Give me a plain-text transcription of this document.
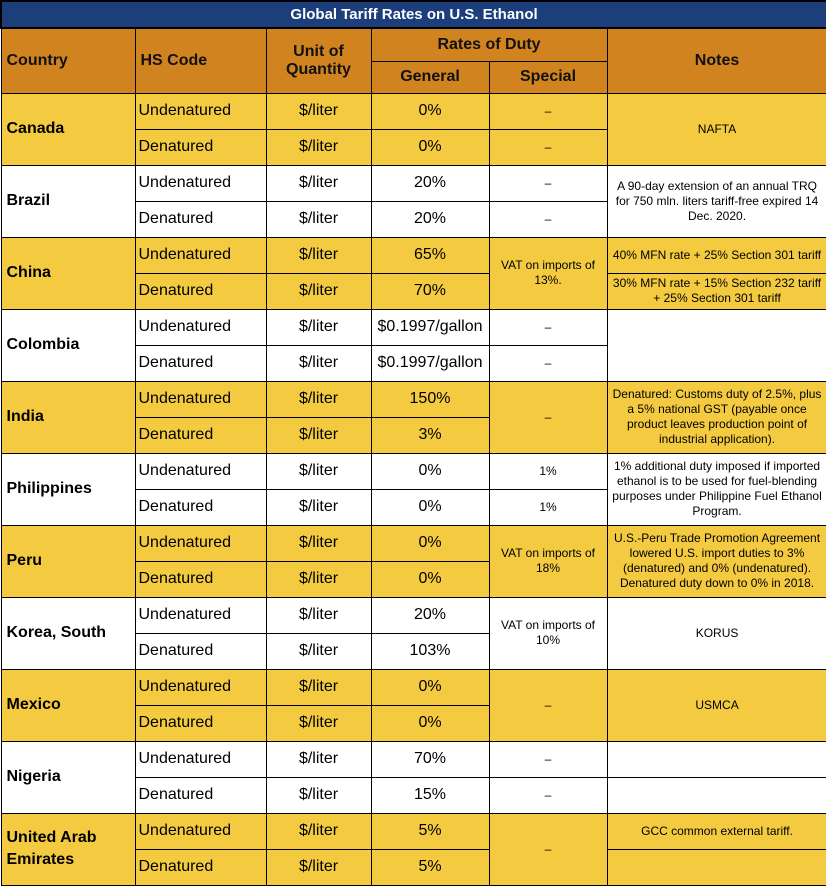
Global Tariff Rates on U.S. Ethanol					
Country	HS Code	Unit of Quantity	Rates of Duty		Notes
			General	Special	
Canada	Undenatured	$/liter	0%	–	NAFTA
	Denatured	$/liter	0%	–	
Brazil	Undenatured	$/liter	20%	–	A 90-day extension of an annual TRQ for 750 mln. liters tariff-free expired 14 Dec. 2020.
	Denatured	$/liter	20%	–	
China	Undenatured	$/liter	65%	VAT on imports of 13%.	40% MFN rate + 25% Section 301 tariff
	Denatured	$/liter	70%		30% MFN rate + 15% Section 232 tariff + 25% Section 301 tariff
Colombia	Undenatured	$/liter	$0.1997/gallon	–	
	Denatured	$/liter	$0.1997/gallon	–	
India	Undenatured	$/liter	150%	–	Denatured: Customs duty of 2.5%, plus a 5% national GST (payable once product leaves production point of industrial application).
	Denatured	$/liter	3%		
Philippines	Undenatured	$/liter	0%	1%	1% additional duty imposed if imported ethanol is to be used for fuel-blending purposes under Philippine Fuel Ethanol Program.
	Denatured	$/liter	0%	1%	
Peru	Undenatured	$/liter	0%	VAT on imports of 18%	U.S.-Peru Trade Promotion Agreement lowered U.S. import duties to 3% (denatured) and 0% (undenatured). Denatured duty down to 0% in 2018.
	Denatured	$/liter	0%		
Korea, South	Undenatured	$/liter	20%	VAT on imports of 10%	KORUS
	Denatured	$/liter	103%		
Mexico	Undenatured	$/liter	0%	–	USMCA
	Denatured	$/liter	0%		
Nigeria	Undenatured	$/liter	70%	–	
	Denatured	$/liter	15%	–	
United Arab Emirates	Undenatured	$/liter	5%	–	GCC common external tariff.
	Denatured	$/liter	5%		
